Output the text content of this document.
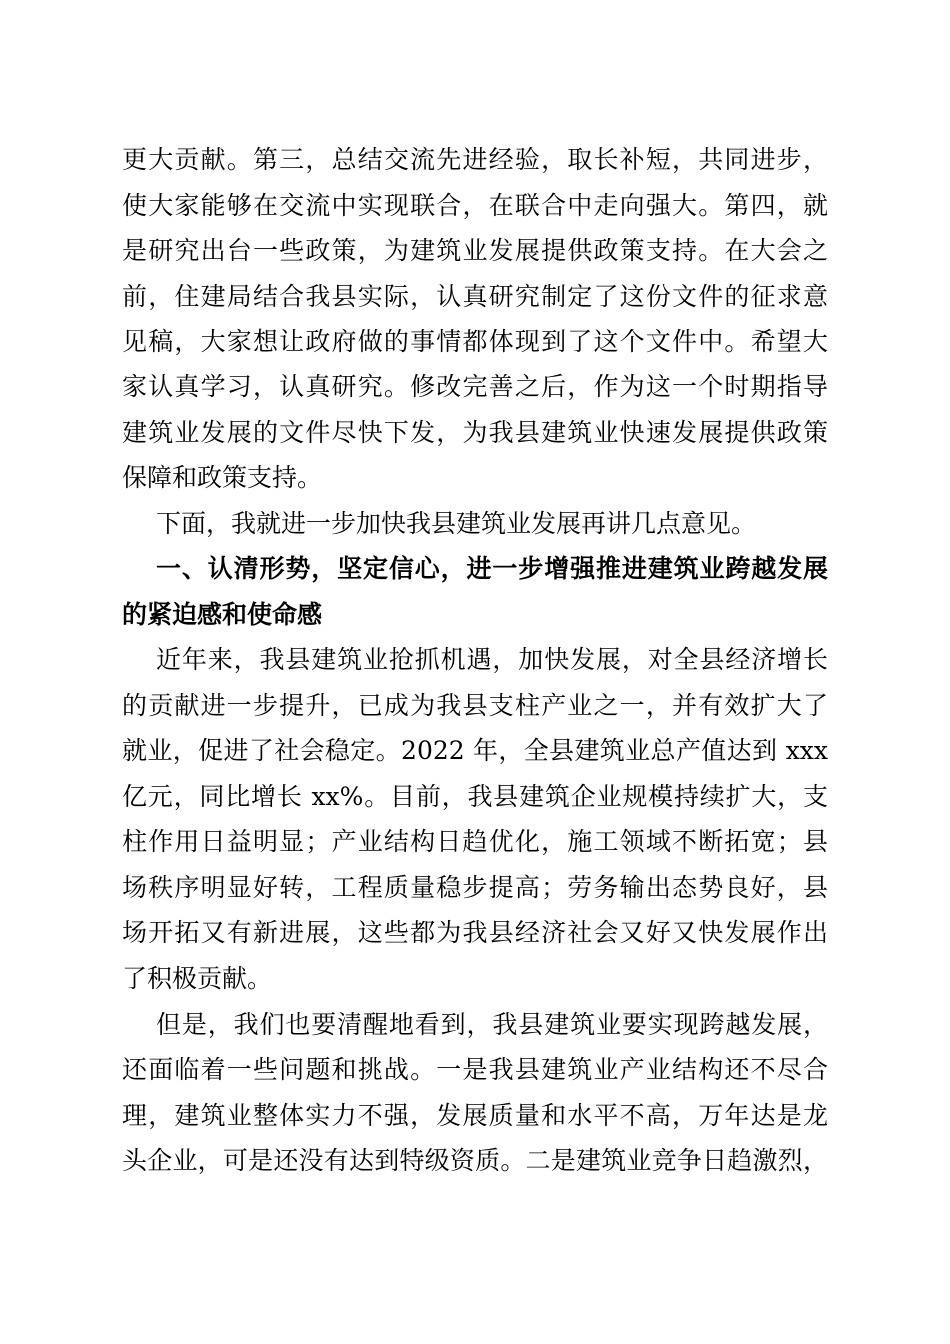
更大贡献。第三，总结交流先进经验，取长补短，共同进步，
使大家能够在交流中实现联合，在联合中走向强大。第四，就
是研究出台一些政策，为建筑业发展提供政策支持。在大会之
前，住建局结合我县实际，认真研究制定了这份文件的征求意
见稿，大家想让政府做的事情都体现到了这个文件中。希望大
家认真学习，认真研究。修改完善之后，作为这一个时期指导
建筑业发展的文件尽快下发，为我县建筑业快速发展提供政策
保障和政策支持。
下面，我就进一步加快我县建筑业发展再讲几点意见。
一、认清形势，坚定信心，进一步增强推进建筑业跨越发展
的紧迫感和使命感
近年来，我县建筑业抢抓机遇，加快发展，对全县经济增长
的贡献进一步提升，已成为我县支柱产业之一，并有效扩大了
就业，促进了社会稳定。2022 年，全县建筑业总产值达到 xxx
亿元，同比增长 xx%。目前，我县建筑企业规模持续扩大，支
柱作用日益明显；产业结构日趋优化，施工领域不断拓宽；县
场秩序明显好转，工程质量稳步提高；劳务输出态势良好，县
场开拓又有新进展，这些都为我县经济社会又好又快发展作出
了积极贡献。
但是，我们也要清醒地看到，我县建筑业要实现跨越发展，
还面临着一些问题和挑战。一是我县建筑业产业结构还不尽合
理，建筑业整体实力不强，发展质量和水平不高，万年达是龙
头企业，可是还没有达到特级资质。二是建筑业竞争日趋激烈，
